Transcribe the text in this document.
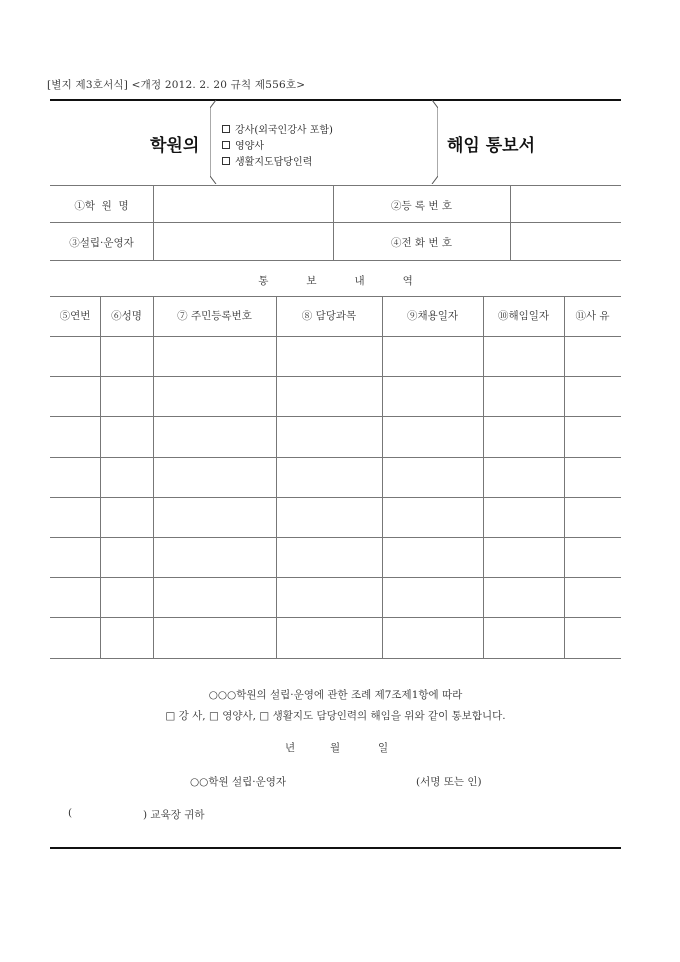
[별지 제3호서식] <개정 2012. 2. 20 규칙 제556호>
학원의	해임 통보서
강사(외국인강사 포함)
영양사
생활지도담당인력
①학  원  명	②등 록 번 호
③설립·운영자	④전 화 번 호
통보내역
⑤연번	⑥성명	⑦ 주민등록번호	⑧ 담당과목	⑨채용일자	⑩해임일자	⑪사 유
○○○학원의 설립·운영에 관한 조례 제7조제1항에 따라
□ 강 사, □ 영양사, □ 생활지도 담당인력의 해임을 위와 같이 통보합니다.
년	월	일
○○학원 설립·운영자	(서명 또는 인)
(	) 교육장 귀하
